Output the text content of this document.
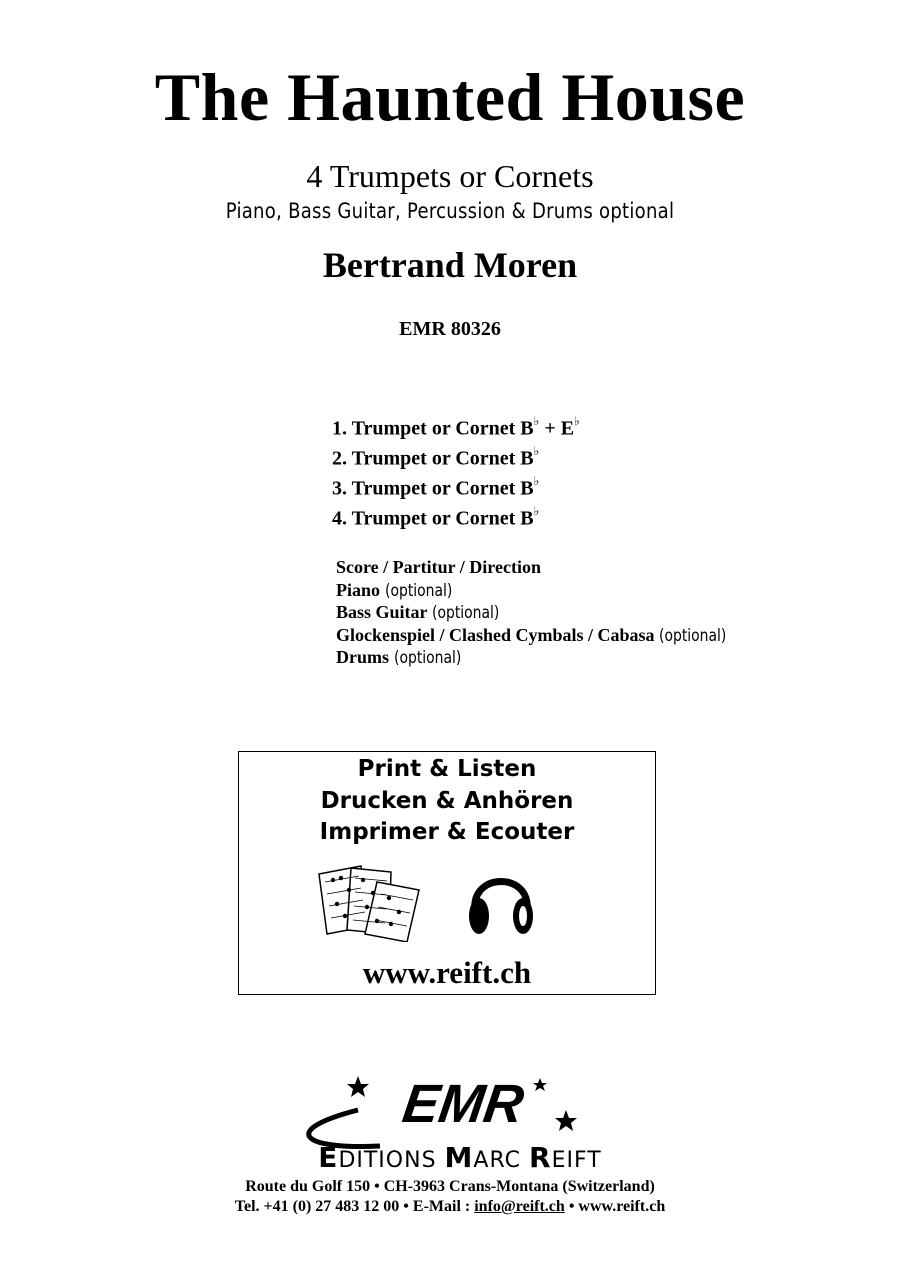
The Haunted House
4 Trumpets or Cornets
Piano, Bass Guitar, Percussion & Drums optional
Bertrand Moren
EMR 80326
1. Trumpet or Cornet B♭ + E♭
2. Trumpet or Cornet B♭
3. Trumpet or Cornet B♭
4. Trumpet or Cornet B♭
Score / Partitur / Direction
Piano (optional)
Bass Guitar (optional)
Glockenspiel / Clashed Cymbals / Cabasa (optional)
Drums (optional)
Print & Listen
Drucken & Anhören
Imprimer & Ecouter
www.reift.ch
EMR
EDITIONS MARC REIFT
Route du Golf 150 • CH-3963 Crans-Montana (Switzerland)
Tel. +41 (0) 27 483 12 00 • E-Mail : info@reift.ch • www.reift.ch
